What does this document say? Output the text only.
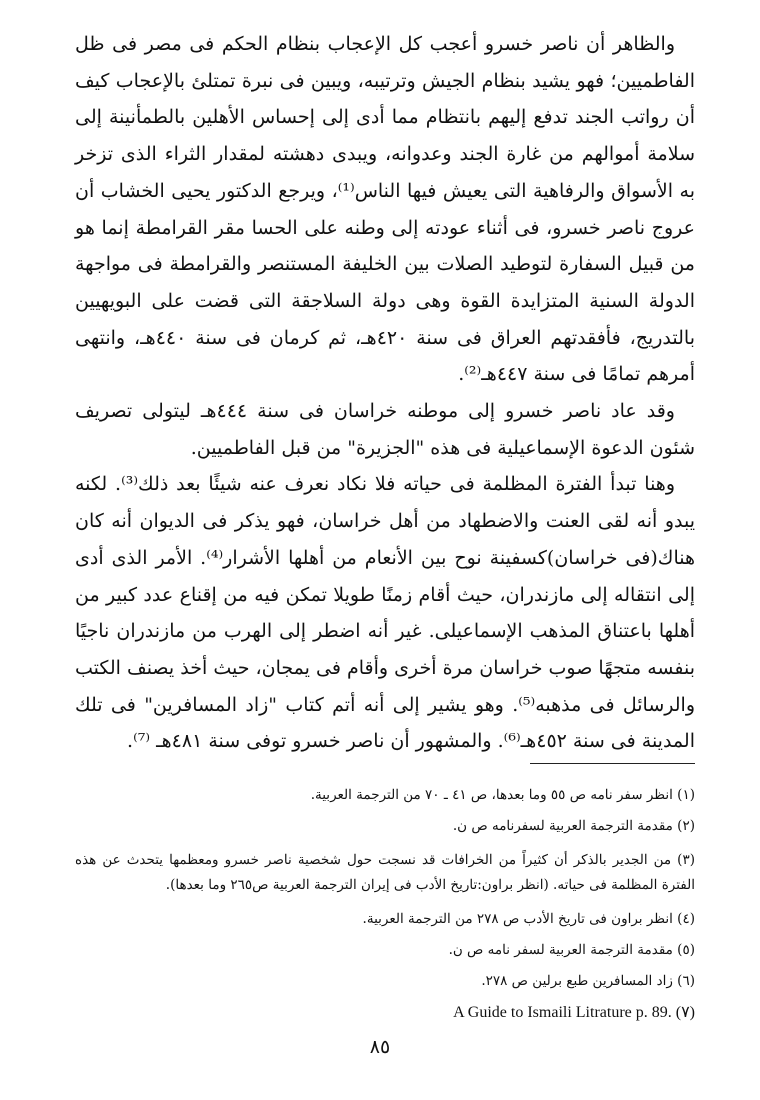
والظاهر أن ناصر خسرو أعجب كل الإعجاب بنظام الحكم فى مصر فى ظل الفاطميين؛ فهو يشيد بنظام الجيش وترتيبه، ويبين فى نبرة تمتلئ بالإعجاب كيف أن رواتب الجند تدفع إليهم بانتظام مما أدى إلى إحساس الأهلين بالطمأنينة إلى سلامة أموالهم من غارة الجند وعدوانه، ويبدى دهشته لمقدار الثراء الذى تزخر به الأسواق والرفاهية التى يعيش فيها الناس⁽¹⁾، ويرجع الدكتور يحيى الخشاب أن عروج ناصر خسرو، فى أثناء عودته إلى وطنه على الحسا مقر القرامطة إنما هو من قبيل السفارة لتوطيد الصلات بين الخليفة المستنصر والقرامطة فى مواجهة الدولة السنية المتزايدة القوة وهى دولة السلاجقة التى قضت على البويهيين بالتدريج، فأفقدتهم العراق فى سنة ٤٢٠هـ، ثم كرمان فى سنة ٤٤٠هـ، وانتهى أمرهم تمامًا فى سنة ٤٤٧هـ⁽²⁾.

وقد عاد ناصر خسرو إلى موطنه خراسان فى سنة ٤٤٤هـ ليتولى تصريف شئون الدعوة الإسماعيلية فى هذه "الجزيرة" من قبل الفاطميين.

وهنا تبدأ الفترة المظلمة فى حياته فلا نكاد نعرف عنه شيئًا بعد ذلك⁽³⁾. لكنه يبدو أنه لقى العنت والاضطهاد من أهل خراسان، فهو يذكر فى الديوان أنه كان هناك(فى خراسان)كسفينة نوح بين الأنعام من أهلها الأشرار⁽⁴⁾. الأمر الذى أدى إلى انتقاله إلى مازندران، حيث أقام زمنًا طويلا تمكن فيه من إقناع عدد كبير من أهلها باعتناق المذهب الإسماعيلى. غير أنه اضطر إلى الهرب من مازندران ناجيًا بنفسه متجهًا صوب خراسان مرة أخرى وأقام فى يمجان، حيث أخذ يصنف الكتب والرسائل فى مذهبه⁽⁵⁾. وهو يشير إلى أنه أتم كتاب "زاد المسافرين" فى تلك المدينة فى سنة ٤٥٢هـ⁽⁶⁾. والمشهور أن ناصر خسرو توفى سنة ٤٨١هـ ⁽⁷⁾.

(١) انظر سفر نامه ص ٥٥ وما بعدها، ص ٤١ ـ ٧٠ من الترجمة العربية.

(٢) مقدمة الترجمة العربية لسفرنامه ص ن.

(٣) من الجدير بالذكر أن كثيراً من الخرافات قد نسجت حول شخصية ناصر خسرو ومعظمها يتحدث عن هذه الفترة المظلمة فى حياته. (انظر براون:تاريخ الأدب فى إيران الترجمة العربية ص٢٦٥ وما بعدها).

(٤) انظر براون فى تاريخ الأدب ص ٢٧٨ من الترجمة العربية.

(٥) مقدمة الترجمة العربية لسفر نامه ص ن.

(٦) زاد المسافرين طبع برلين ص ٢٧٨.

A Guide to Ismaili Litrature p. 89. (٧)

٨٥
